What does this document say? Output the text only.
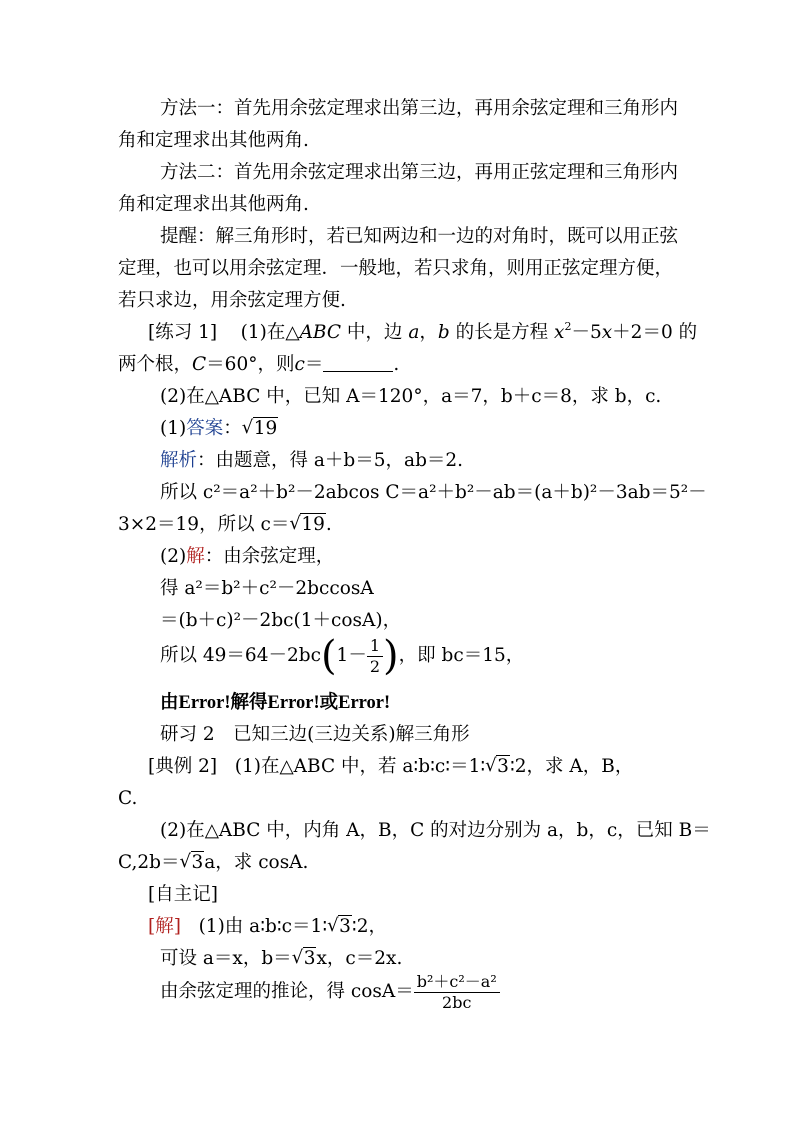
方法一：首先用余弦定理求出第三边，再用余弦定理和三角形内
角和定理求出其他两角.
方法二：首先用余弦定理求出第三边，再用正弦定理和三角形内
角和定理求出其他两角.
提醒：解三角形时，若已知两边和一边的对角时，既可以用正弦
定理，也可以用余弦定理．一般地，若只求角，则用正弦定理方便，
若只求边，用余弦定理方便.
[练习 1] (1)在△ABC 中，边 a，b 的长是方程 $x^2-5x+2=0$ 的
两个根，C＝60°，则c＝	.
(2)在△ABC 中，已知 A＝120°，a＝7，b＋c＝8，求 b，c.
(1)答案： √ 19
解析：由题意，得 a＋b＝5，ab＝2.
所以 c²＝a²＋b²－2abcos C＝a²＋b²－ab＝(a＋b)²－3ab＝5²－
3×2＝19，所以 c＝ √ 19.
(2)解：由余弦定理，
得 a²＝b²＋c²－2bccosA
＝(b＋c)²－2bc(1＋cosA)，
所以 $49=64-2bc(1- \frac{1}{2}$ )，即 bc＝15，
由Error!解得Error!或Error!
研习 2　已知三边(三边关系)解三角形
[典例 2] (1)在△ABC 中，若 a∶b∶c∶＝1∶ √ 3∶2，求 A，B，
C.
(2)在△ABC 中，内角 A，B，C 的对边分别为 a，b，c，已知 B＝
C,2b＝ √ 3a，求 cosA.
[自主记]
[解] (1)由 a∶b∶c＝1∶ √ 3∶2，
可设 a＝x，b＝ √ 3x，c＝2x.
由余弦定理的推论，得 $\cos A= \frac{\text{b²＋c²－a²}}{2bc}$
